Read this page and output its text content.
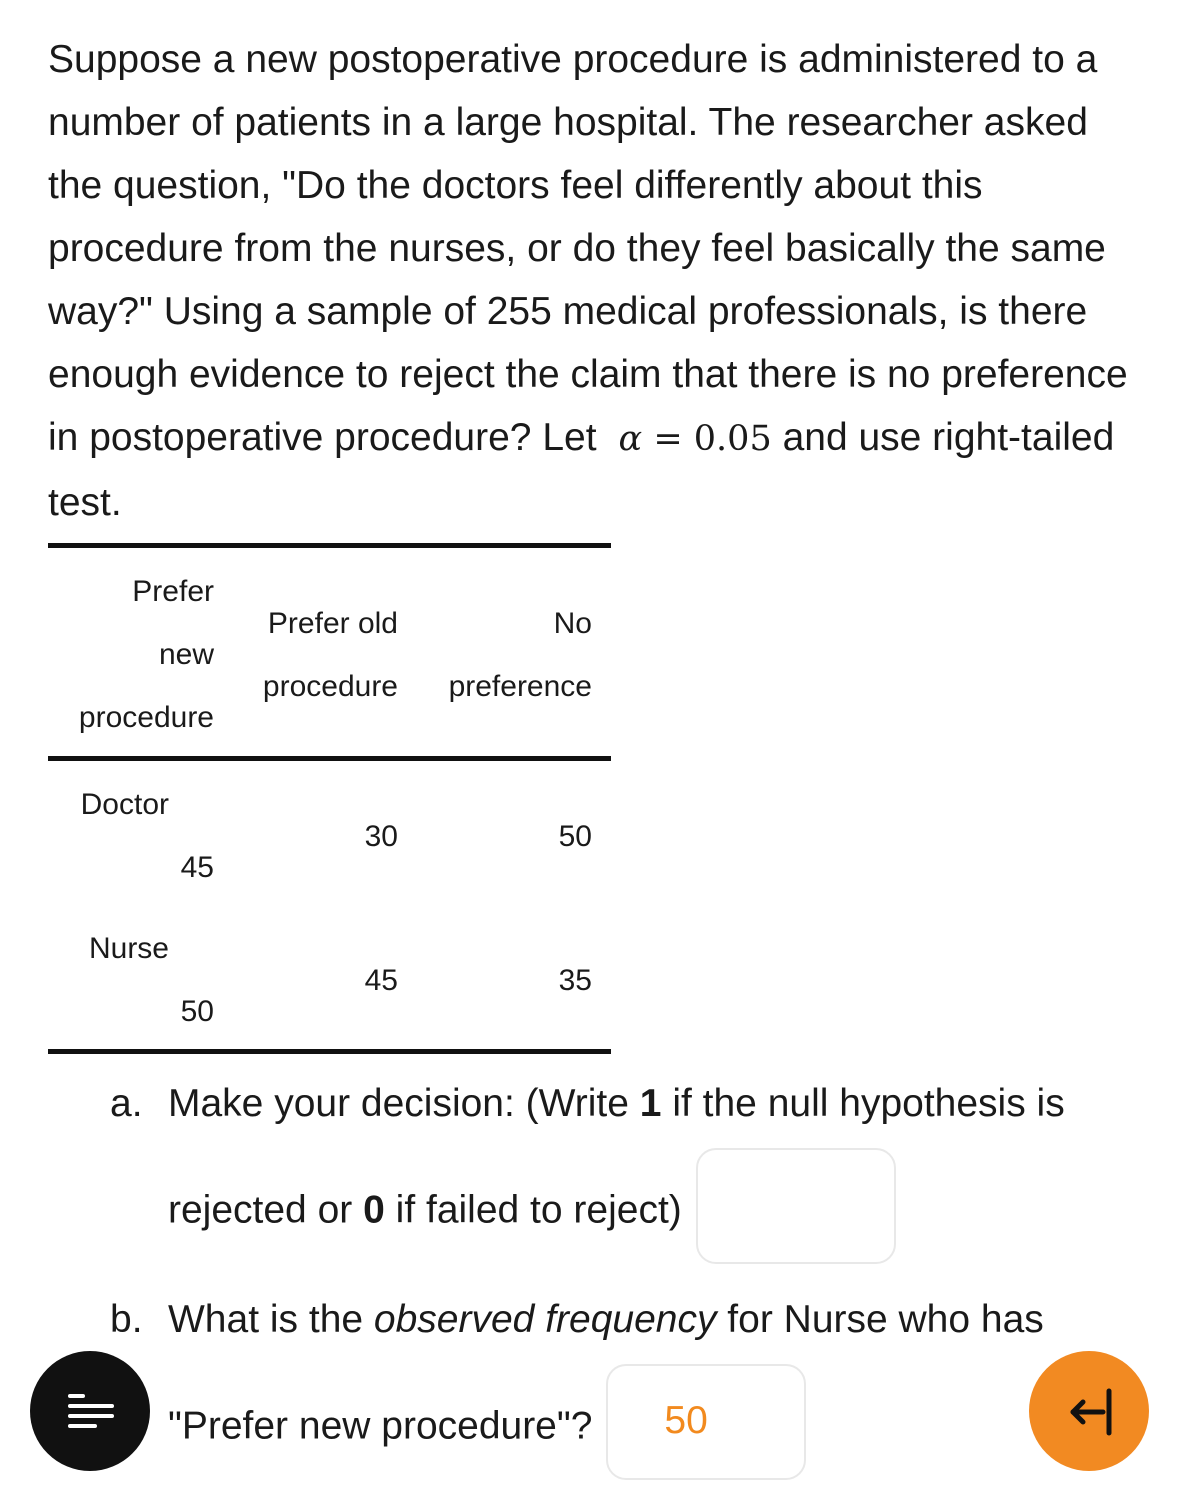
Suppose a new postoperative procedure is administered to a number of patients in a large hospital. The researcher asked the question, "Do the doctors feel differently about this procedure from the nurses, or do they feel basically the same way?" Using a sample of 255 medical professionals, is there enough evidence to reject the claim that there is no preference in postoperative procedure? Let α = 0.05 and use right-tailed test.

Prefer
new
procedure

Prefer old
procedure

No
preference

Doctor

45

30	50

Nurse

50

45	35

a. Make your decision: (Write 1 if the null hypothesis is rejected or 0 if failed to reject)
b. What is the observed frequency for Nurse who has "Prefer new procedure"? 50
